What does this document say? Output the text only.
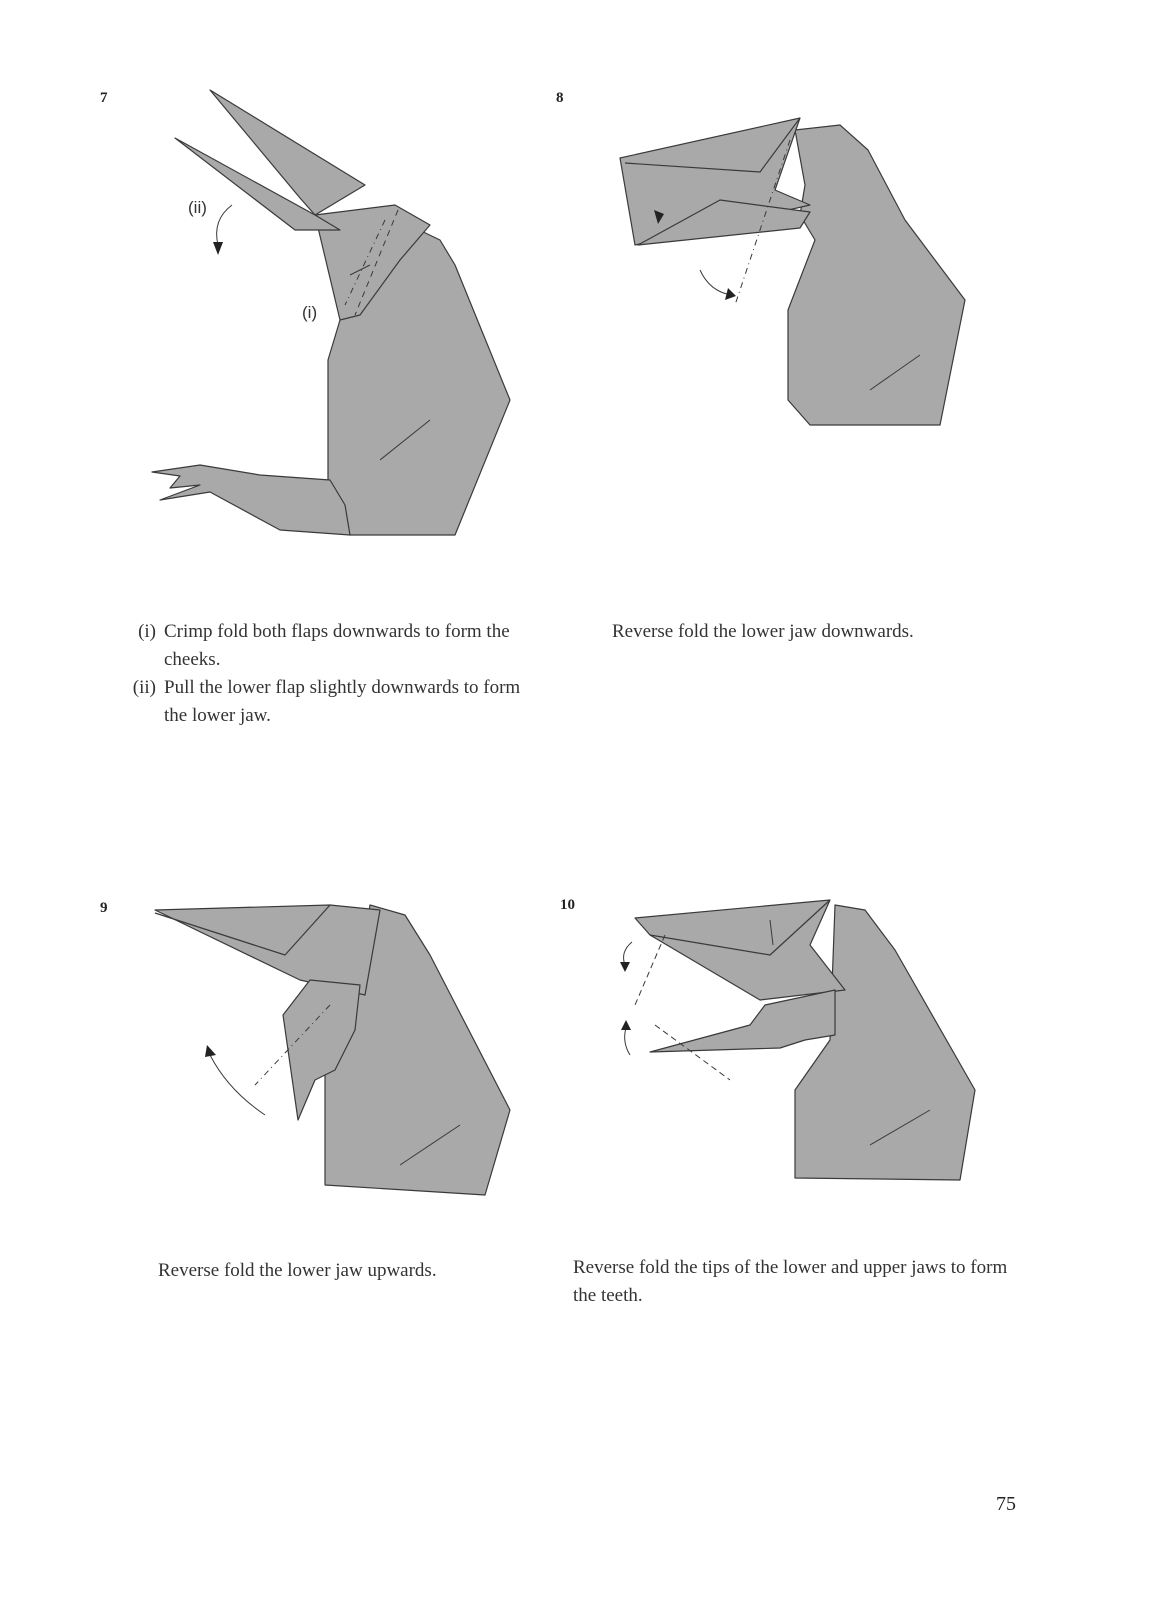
7
(ii)
(i)
(i) Crimp fold both flaps downwards to form the cheeks.
(ii) Pull the lower flap slightly downwards to form the lower jaw.
8
Reverse fold the lower jaw downwards.
9
Reverse fold the lower jaw upwards.
10
Reverse fold the tips of the lower and upper jaws to form the teeth.
75
